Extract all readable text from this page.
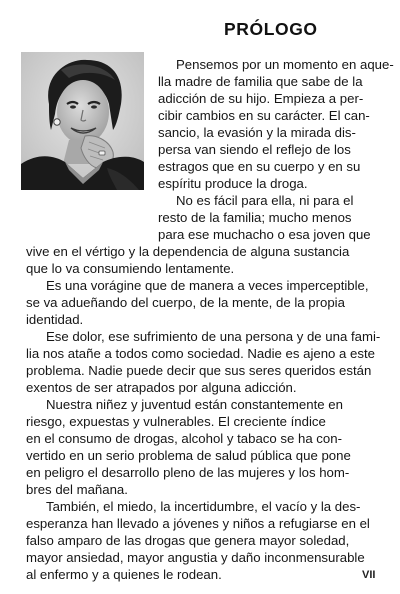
PRÓLOGO
Pensemos por un momento en aque-
lla madre de familia que sabe de la
adicción de su hijo. Empieza a per-
cibir cambios en su carácter. El can-
sancio, la evasión y la mirada dis-
persa van siendo el reflejo de los
estragos que en su cuerpo y en su
espíritu produce la droga.
No es fácil para ella, ni para el
resto de la familia; mucho menos
para ese muchacho o esa joven que
vive en el vértigo y la dependencia de alguna sustancia
que lo va consumiendo lentamente.
Es una vorágine que de manera a veces imperceptible,
se va adueñando del cuerpo, de la mente, de la propia
identidad.
Ese dolor, ese sufrimiento de una persona y de una fami-
lia nos atañe a todos como sociedad. Nadie es ajeno a este
problema. Nadie puede decir que sus seres queridos están
exentos de ser atrapados por alguna adicción.
Nuestra niñez y juventud están constantemente en
riesgo, expuestas y vulnerables. El creciente índice
en el consumo de drogas, alcohol y tabaco se ha con-
vertido en un serio problema de salud pública que pone
en peligro el desarrollo pleno de las mujeres y los hom-
bres del mañana.
También, el miedo, la incertidumbre, el vacío y la des-
esperanza han llevado a jóvenes y niños a refugiarse en el
falso amparo de las drogas que genera mayor soledad,
mayor ansiedad, mayor angustia y daño inconmensurable
al enfermo y a quienes le rodean.	VII
